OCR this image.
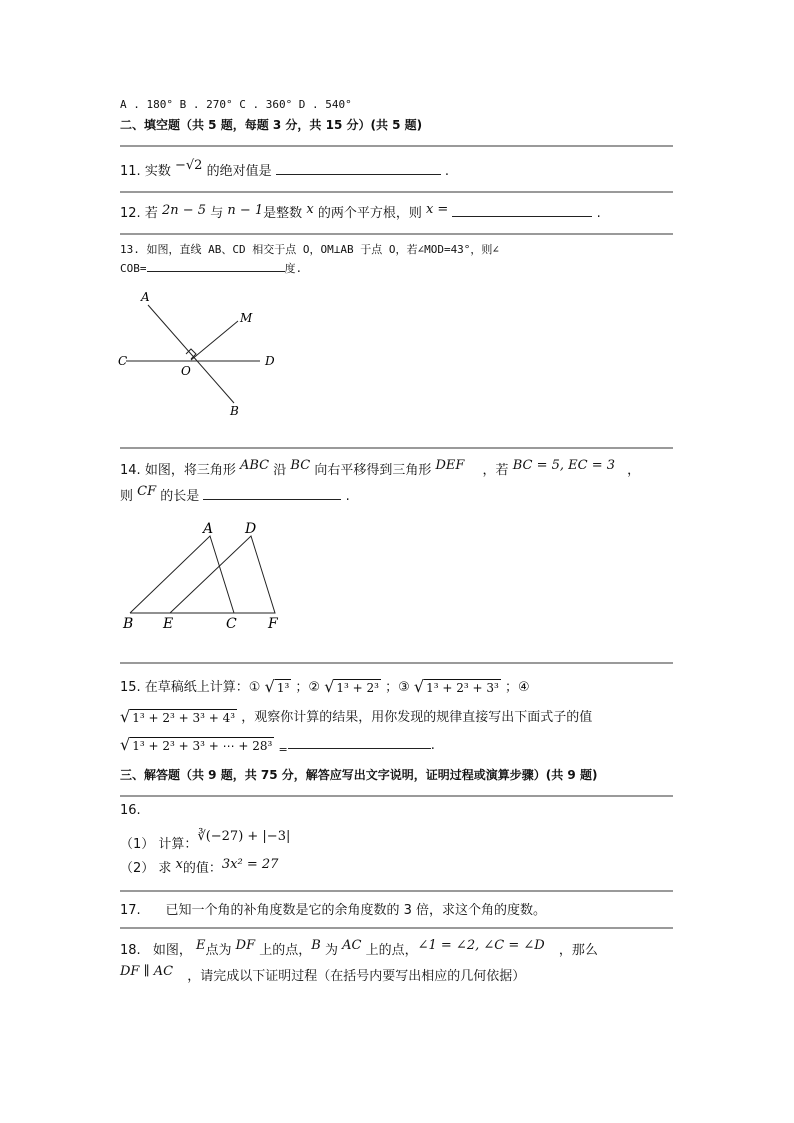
A . 180° B . 270° C . 360° D . 540°
二、填空题（共 5 题，每题 3 分，共 15 分）(共 5 题)
11. 实数 −√2 的绝对值是	.
12. 若 2n − 5 与 n − 1是整数 x 的两个平方根，则 x =	.
13. 如图，直线 AB、CD 相交于点 O，OM⊥AB 于点 O，若∠MOD=43°，则∠
COB=	度.
A
M
C
O
D
B
14. 如图，将三角形 ABC 沿 BC 向右平移得到三角形 DEF ，若 BC = 5, EC = 3 ，
则 CF 的长是	.
A D
B E	C F
15. 在草稿纸上计算：① √ 1³ ；② √ 1³ + 2³ ；③ √ 1³ + 2³ + 3³ ；④
√ 1³ + 2³ + 3³ + 4³ ，观察你计算的结果，用你发现的规律直接写出下面式子的值
√ 1³ + 2³ + 3³ + ⋯ + 28³ $_=$	.
三、解答题（共 9 题，共 75 分，解答应写出文字说明，证明过程或演算步骤）(共 9 题)
16.
（1） 计算：∛(−27) + |−3|
（2） 求 x的值：3x² = 27
17.      已知一个角的补角度数是它的余角度数的 3 倍，求这个角的度数。
18. 如图， E点为 DF 上的点，B 为 AC 上的点，∠1 = ∠2, ∠C = ∠D ，那么
DF ∥ AC ，请完成以下证明过程（在括号内要写出相应的几何依据）
